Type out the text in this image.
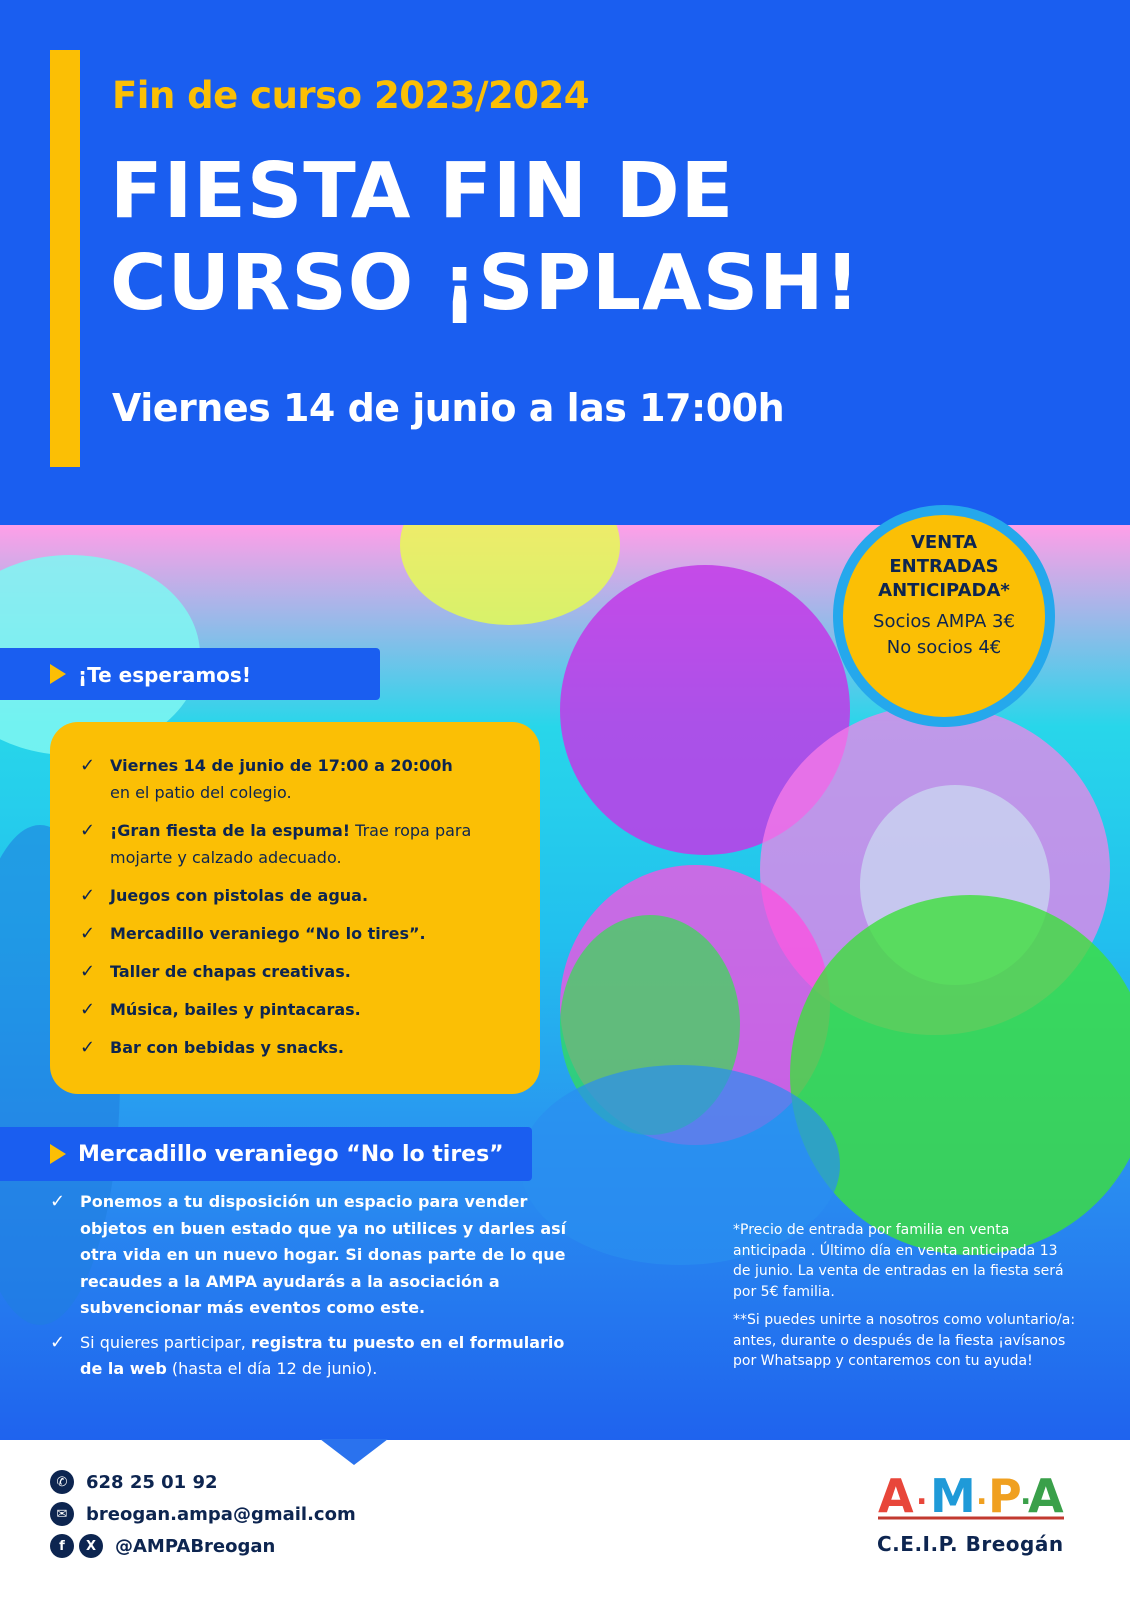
Fin de curso 2023/2024
FIESTA FIN DE
CURSO ¡SPLASH!
Viernes 14 de junio a las 17:00h
VENTA
ENTRADAS
ANTICIPADA*
Socios AMPA 3€
No socios 4€
¡Te esperamos!
✓ Viernes 14 de junio de 17:00 a 20:00h
en el patio del colegio.
✓ ¡Gran fiesta de la espuma! Trae ropa para mojarte y calzado adecuado.
✓ Juegos con pistolas de agua.
✓ Mercadillo veraniego “No lo tires”.
✓ Taller de chapas creativas.
✓ Música, bailes y pintacaras.
✓ Bar con bebidas y snacks.
Mercadillo veraniego “No lo tires”
✓ Ponemos a tu disposición un espacio para vender objetos en buen estado que ya no utilices y darles así otra vida en un nuevo hogar. Si donas parte de lo que recaudes a la AMPA ayudarás a la asociación a subvencionar más eventos como este.
✓ Si quieres participar, registra tu puesto en el formulario de la web (hasta el día 12 de junio).

*Precio de entrada por familia en venta anticipada . Último día en venta anticipada 13 de junio. La venta de entradas en la fiesta será por 5€ familia.

**Si puedes unirte a nosotros como voluntario/a: antes, durante o después de la fiesta ¡avísanos por Whatsapp y contaremos con tu ayuda!

✆	628 25 01 92
✉	breogan.ampa@gmail.com
f	X	@AMPABreogan
A . M . P
.
A
C.E.I.P. Breogán
